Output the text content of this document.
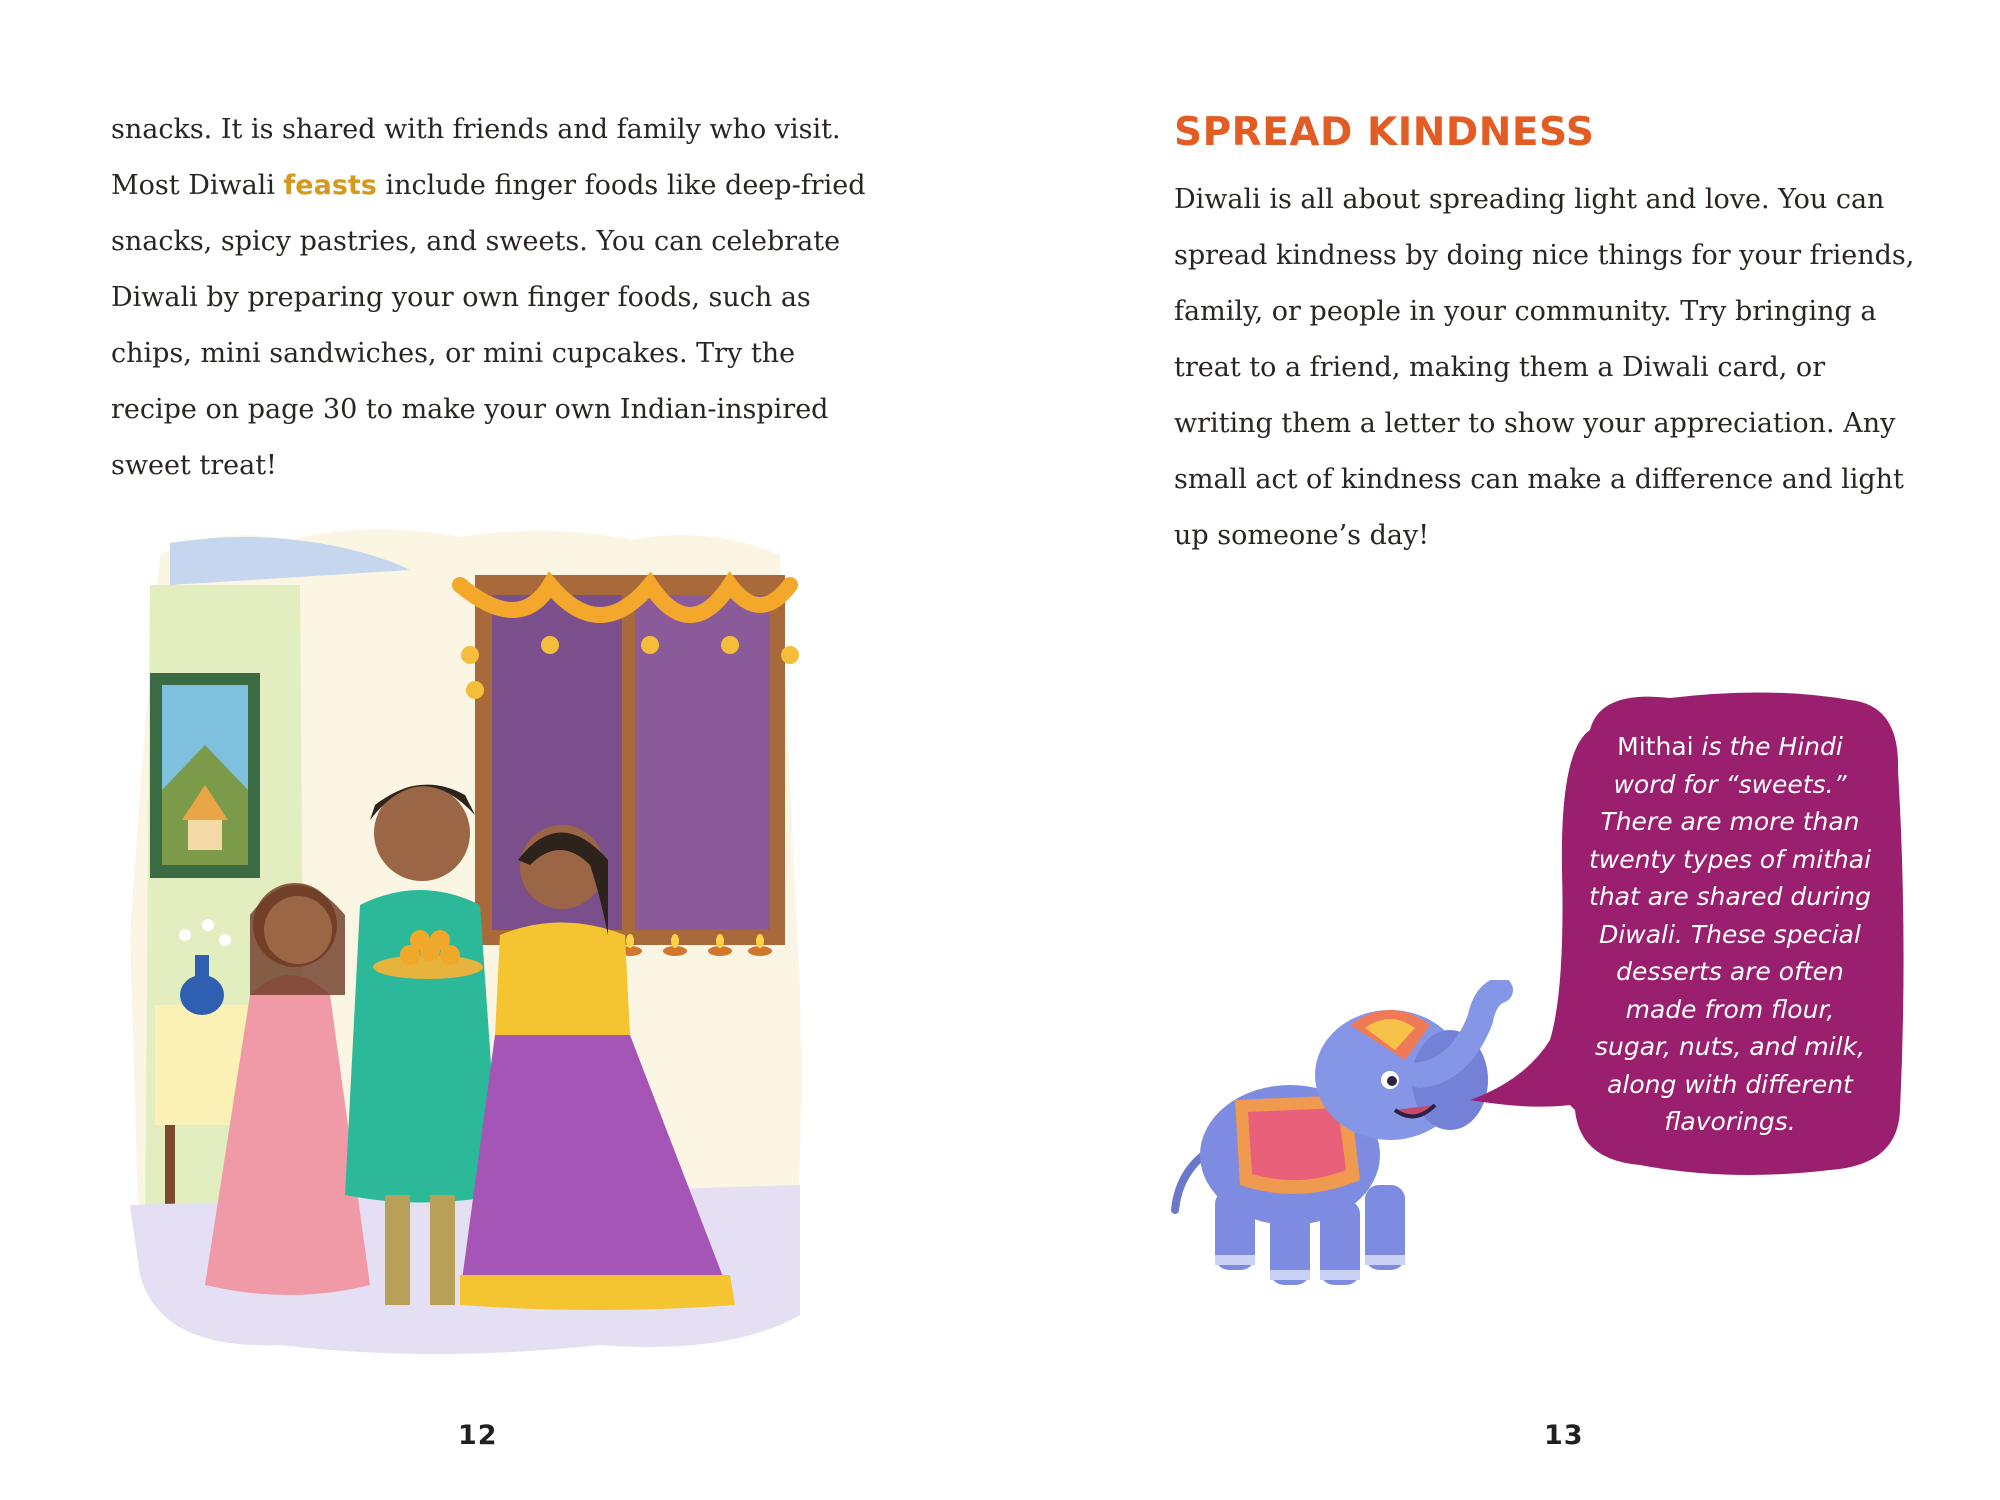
snacks. It is shared with friends and family who visit.
Most Diwali feasts include finger foods like deep-fried
snacks, spicy pastries, and sweets. You can celebrate
Diwali by preparing your own finger foods, such as
chips, mini sandwiches, or mini cupcakes. Try the
recipe on page 30 to make your own Indian-inspired
sweet treat!
12
SPREAD KINDNESS
Diwali is all about spreading light and love. You can
spread kindness by doing nice things for your friends,
family, or people in your community. Try bringing a
treat to a friend, making them a Diwali card, or
writing them a letter to show your appreciation. Any
small act of kindness can make a difference and light
up someone’s day!
Mithai is the Hindi
word for “sweets.”
There are more than
twenty types of mithai
that are shared during
Diwali. These special
desserts are often
made from flour,
sugar, nuts, and milk,
along with different
flavorings.
13
